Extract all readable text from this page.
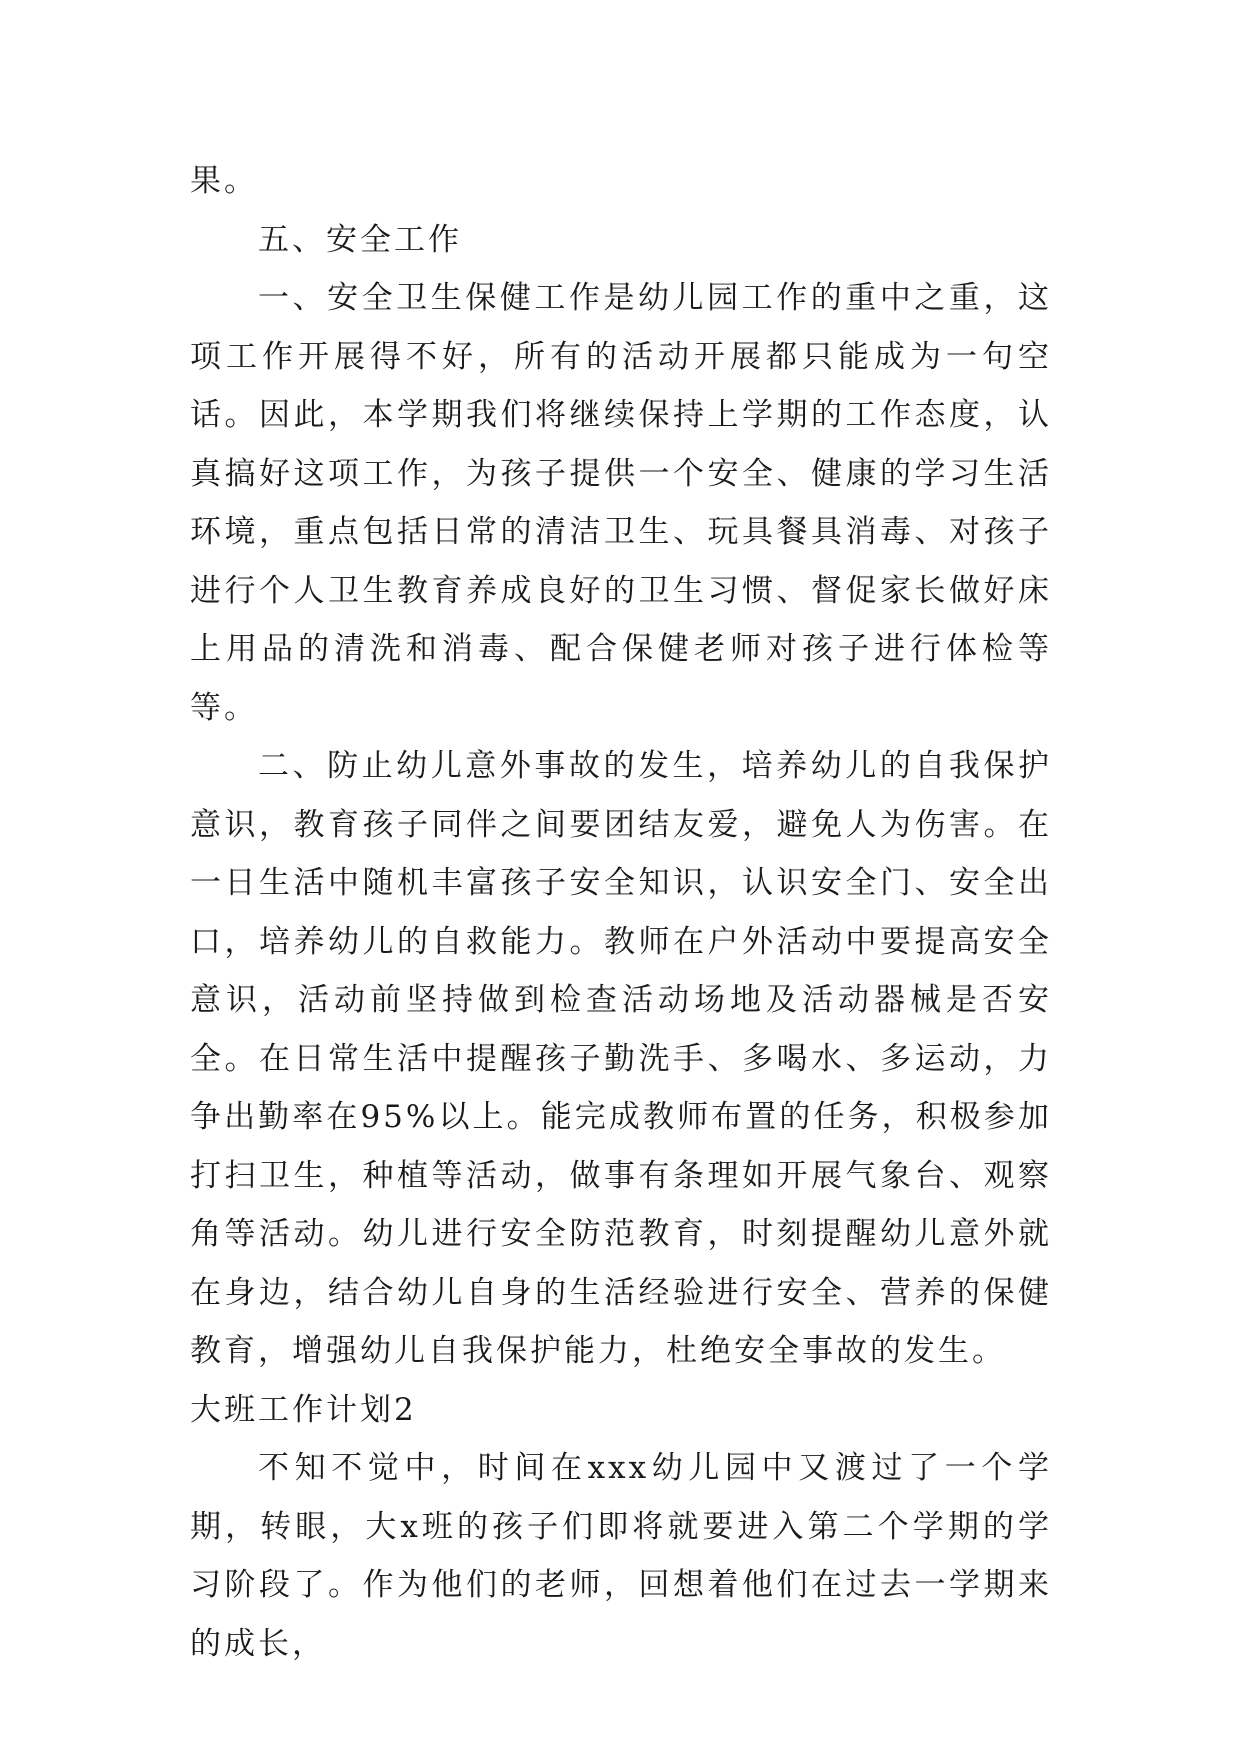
果。

五、安全工作

一、安全卫生保健工作是幼儿园工作的重中之重，这项工作开展得不好，所有的活动开展都只能成为一句空话。因此，本学期我们将继续保持上学期的工作态度，认真搞好这项工作，为孩子提供一个安全、健康的学习生活环境，重点包括日常的清洁卫生、玩具餐具消毒、对孩子进行个人卫生教育养成良好的卫生习惯、督促家长做好床上用品的清洗和消毒、配合保健老师对孩子进行体检等等。

二、防止幼儿意外事故的发生，培养幼儿的自我保护意识，教育孩子同伴之间要团结友爱，避免人为伤害。在一日生活中随机丰富孩子安全知识，认识安全门、安全出口，培养幼儿的自救能力。教师在户外活动中要提高安全意识，活动前坚持做到检查活动场地及活动器械是否安全。在日常生活中提醒孩子勤洗手、多喝水、多运动，力争出勤率在95%以上。能完成教师布置的任务，积极参加打扫卫生，种植等活动，做事有条理如开展气象台、观察角等活动。幼儿进行安全防范教育，时刻提醒幼儿意外就在身边，结合幼儿自身的生活经验进行安全、营养的保健教育，增强幼儿自我保护能力，杜绝安全事故的发生。

大班工作计划2

不知不觉中，时间在xxx幼儿园中又渡过了一个学期，转眼，大x班的孩子们即将就要进入第二个学期的学习阶段了。作为他们的老师，回想着他们在过去一学期来的成长，
